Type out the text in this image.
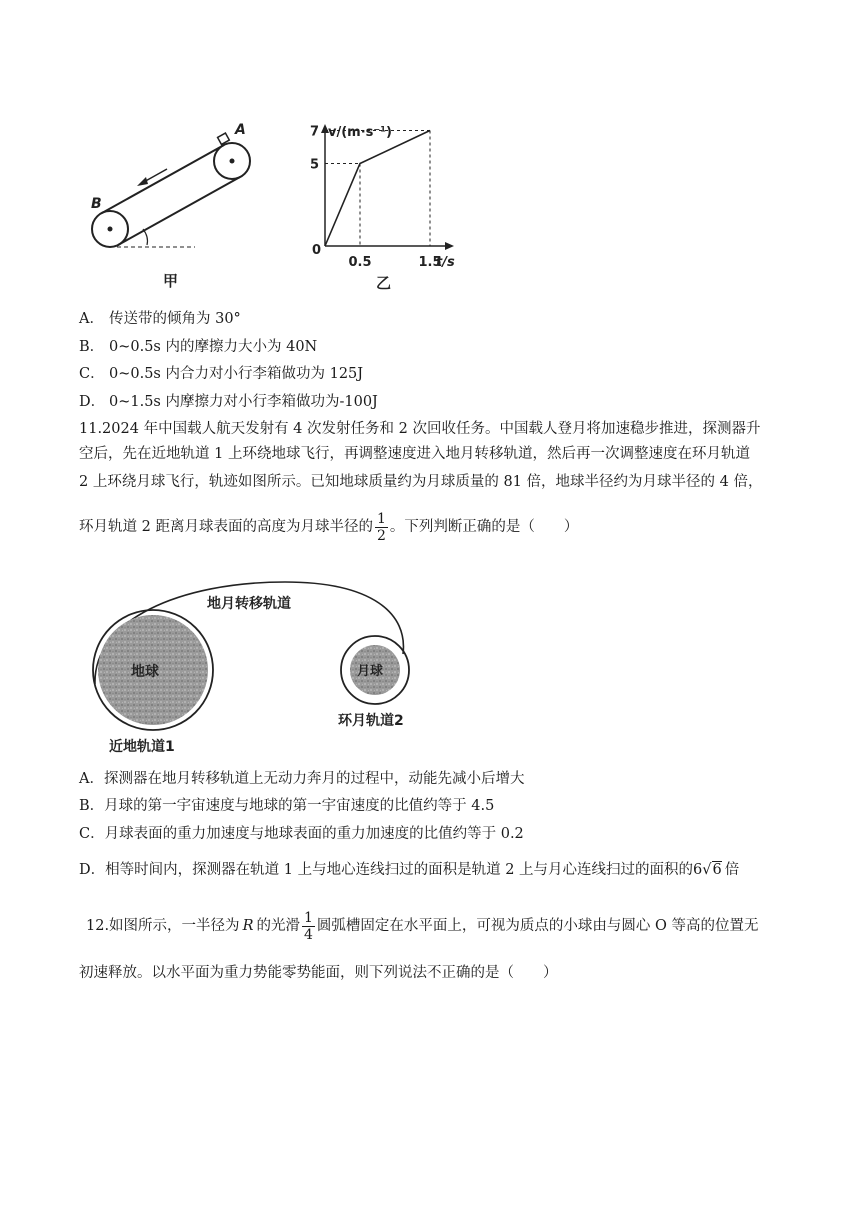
A
B
甲
v/(m·s⁻¹)
t/s
0
7
5
0.5	1.5
乙
A． 传送带的倾角为 30°
B． 0~0.5s 内的摩擦力大小为 40N
C． 0~0.5s 内合力对小行李箱做功为 125J
D． 0~1.5s 内摩擦力对小行李箱做功为-100J
11.2024 年中国载人航天发射有 4 次发射任务和 2 次回收任务。中国载人登月将加速稳步推进，探测器升
空后，先在近地轨道 1 上环绕地球飞行，再调整速度进入地月转移轨道，然后再一次调整速度在环月轨道
2 上环绕月球飞行，轨迹如图所示。已知地球质量约为月球质量的 81 倍，地球半径约为月球半径的 4 倍，
环月轨道 2 距离月球表面的高度为月球半径的 $\frac{1}{2}$ 。下列判断正确的是（　　）
地月转移轨道
地球	月球
环月轨道2
近地轨道1
A．探测器在地月转移轨道上无动力奔月的过程中，动能先减小后增大
B．月球的第一宇宙速度与地球的第一宇宙速度的比值约等于 4.5
C．月球表面的重力加速度与地球表面的重力加速度的比值约等于 0.2
D．相等时间内，探测器在轨道 1 上与地心连线扫过的面积是轨道 2 上与月心连线扫过的面积的6√6 倍
12.如图所示，一半径为 R 的光滑 $\frac{1}{4}$ 圆弧槽固定在水平面上，可视为质点的小球由与圆心 O 等高的位置无
初速释放。以水平面为重力势能零势能面，则下列说法不正确的是（　　）
